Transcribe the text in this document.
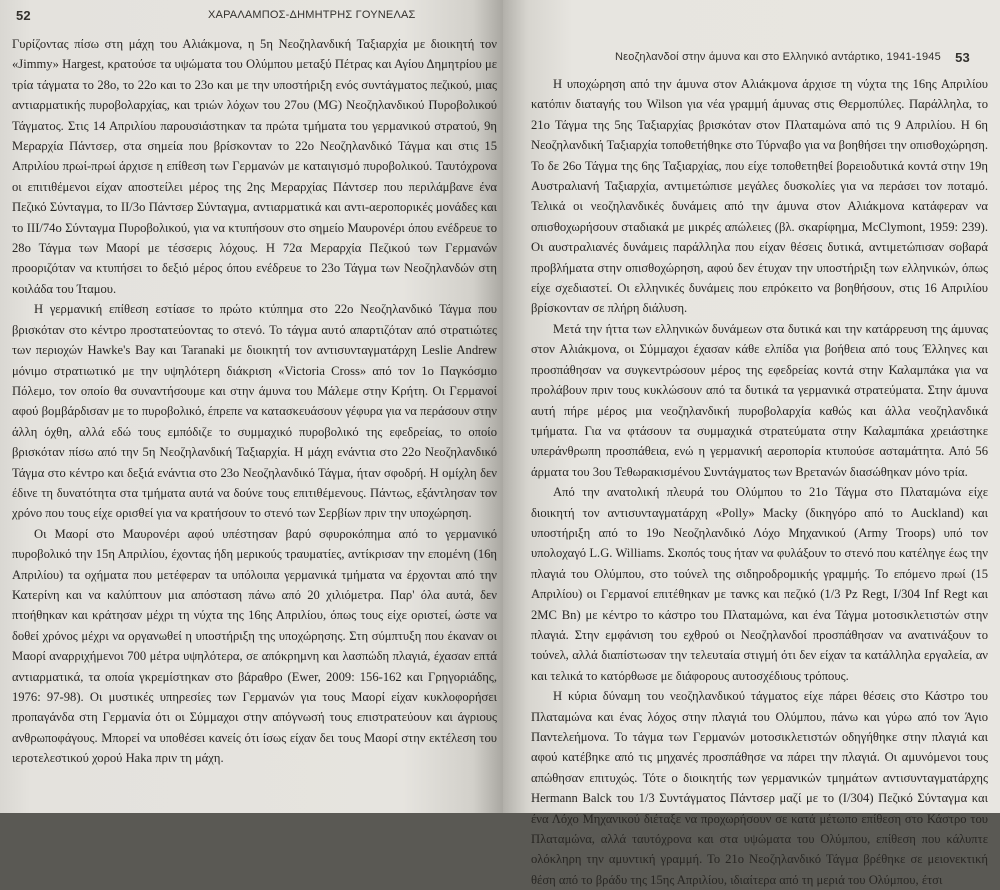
52	ΧΑΡΑΛΑΜΠΟΣ-ΔΗΜΗΤΡΗΣ ΓΟΥΝΕΛΑΣ

Γυρίζοντας πίσω στη μάχη του Αλιάκμονα, η 5η Νεοζηλανδική Ταξιαρχία με διοικητή τον «Jimmy» Hargest, κρατούσε τα υψώματα του Ολύμπου μεταξύ Πέτρας και Αγίου Δημητρίου με τρία τάγματα το 28ο, το 22ο και το 23ο και με την υποστήριξη ενός συντάγματος πεζικού, μιας αντιαρματικής πυροβολαρχίας, και τριών λόχων του 27ου (MG) Νεοζηλανδικού Πυροβολικού Τάγματος. Στις 14 Απριλίου παρουσιάστηκαν τα πρώτα τμήματα του γερμανικού στρατού, 9η Μεραρχία Πάντσερ, στα σημεία που βρίσκονταν το 22ο Νεοζηλανδικό Τάγμα και στις 15 Απριλίου πρωί-πρωί άρχισε η επίθεση των Γερμανών με καταιγισμό πυροβολικού. Ταυτόχρονα οι επιτιθέμενοι είχαν αποστείλει μέρος της 2ης Μεραρχίας Πάντσερ που περιλάμβανε ένα Πεζικό Σύνταγμα, το II/3ο Πάντσερ Σύνταγμα, αντιαρματικά και αντι-αεροπορικές μονάδες και το III/74ο Σύνταγμα Πυροβολικού, για να κτυπήσουν στο σημείο Μαυρονέρι όπου ενέδρευε το 28ο Τάγμα των Μαορί με τέσσερις λόχους. Η 72α Μεραρχία Πεζικού των Γερμανών προοριζόταν να κτυπήσει το δεξιό μέρος όπου ενέδρευε το 23ο Τάγμα των Νεοζηλανδών στη κοιλάδα του Ίταμου.

Η γερμανική επίθεση εστίασε το πρώτο κτύπημα στο 22ο Νεοζηλανδικό Τάγμα που βρισκόταν στο κέντρο προστατεύοντας το στενό. Το τάγμα αυτό απαρτιζόταν από στρατιώτες των περιοχών Hawke's Bay και Taranaki με διοικητή τον αντισυνταγματάρχη Leslie Andrew μόνιμο στρατιωτικό με την υψηλότερη διάκριση «Victoria Cross» από τον 1ο Παγκόσμιο Πόλεμο, τον οποίο θα συναντήσουμε και στην άμυνα του Μάλεμε στην Κρήτη. Οι Γερμανοί αφού βομβάρδισαν με το πυροβολικό, έπρεπε να κατασκευάσουν γέφυρα για να περάσουν στην άλλη όχθη, αλλά εδώ τους εμπόδιζε το συμμαχικό πυροβολικό της εφεδρείας, το οποίο βρισκόταν πίσω από την 5η Νεοζηλανδική Ταξιαρχία. Η μάχη ενάντια στο 22ο Νεοζηλανδικό Τάγμα στο κέντρο και δεξιά ενάντια στο 23ο Νεοζηλανδικό Τάγμα, ήταν σφοδρή. Η ομίχλη δεν έδινε τη δυνατότητα στα τμήματα αυτά να δούνε τους επιτιθέμενους. Πάντως, εξάντλησαν τον χρόνο που τους είχε ορισθεί για να κρατήσουν το στενό των Σερβίων πριν την υποχώρηση.

Οι Μαορί στο Μαυρονέρι αφού υπέστησαν βαρύ σφυροκόπημα από το γερμανικό πυροβολικό την 15η Απριλίου, έχοντας ήδη μερικούς τραυματίες, αντίκρισαν την επομένη (16η Απριλίου) τα οχήματα που μετέφεραν τα υπόλοιπα γερμανικά τμήματα να έρχονται από την Κατερίνη και να καλύπτουν μια απόσταση πάνω από 20 χιλιόμετρα. Παρ' όλα αυτά, δεν πτοήθηκαν και κράτησαν μέχρι τη νύχτα της 16ης Απριλίου, όπως τους είχε οριστεί, ώστε να δοθεί χρόνος μέχρι να οργανωθεί η υποστήριξη της υποχώρησης. Στη σύμπτυξη που έκαναν οι Μαορί αναρριχήμενοι 700 μέτρα υψηλότερα, σε απόκρημνη και λασπώδη πλαγιά, έχασαν επτά αντιαρματικά, τα οποία γκρεμίστηκαν στο βάραθρο (Ewer, 2009: 156-162 και Γρηγοριάδης, 1976: 97-98). Οι μυστικές υπηρεσίες των Γερμανών για τους Μαορί είχαν κυκλοφορήσει προπαγάνδα στη Γερμανία ότι οι Σύμμαχοι στην απόγνωσή τους επιστρατεύουν και άγριους ανθρωποφάγους. Μπορεί να υποθέσει κανείς ότι ίσως είχαν δει τους Μαορί στην εκτέλεση του ιεροτελεστικού χορού Haka πριν τη μάχη.

Νεοζηλανδοί στην άμυνα και στο Ελληνικό αντάρτικο, 1941-1945 53

Η υποχώρηση από την άμυνα στον Αλιάκμονα άρχισε τη νύχτα της 16ης Απριλίου κατόπιν διαταγής του Wilson για νέα γραμμή άμυνας στις Θερμοπύλες. Παράλληλα, το 21ο Τάγμα της 5ης Ταξιαρχίας βρισκόταν στον Πλαταμώνα από τις 9 Απριλίου. Η 6η Νεοζηλανδική Ταξιαρχία τοποθετήθηκε στο Τύρναβο για να βοηθήσει την οπισθοχώρηση. Το δε 26ο Τάγμα της 6ης Ταξιαρχίας, που είχε τοποθετηθεί βορειοδυτικά κοντά στην 19η Αυστραλιανή Ταξιαρχία, αντιμετώπισε μεγάλες δυσκολίες για να περάσει τον ποταμό. Τελικά οι νεοζηλανδικές δυνάμεις από την άμυνα στον Αλιάκμονα κατάφεραν να οπισθοχωρήσουν σταδιακά με μικρές απώλειες (βλ. σκαρίφημα, McClymont, 1959: 239). Οι αυστραλιανές δυνάμεις παράλληλα που είχαν θέσεις δυτικά, αντιμετώπισαν σοβαρά προβλήματα στην οπισθοχώρηση, αφού δεν έτυχαν την υποστήριξη των ελληνικών, όπως είχε σχεδιαστεί. Οι ελληνικές δυνάμεις που επρόκειτο να βοηθήσουν, στις 16 Απριλίου βρίσκονταν σε πλήρη διάλυση.

Μετά την ήττα των ελληνικών δυνάμεων στα δυτικά και την κατάρρευση της άμυνας στον Αλιάκμονα, οι Σύμμαχοι έχασαν κάθε ελπίδα για βοήθεια από τους Έλληνες και προσπάθησαν να συγκεντρώσουν μέρος της εφεδρείας κοντά στην Καλαμπάκα για να προλάβουν πριν τους κυκλώσουν από τα δυτικά τα γερμανικά στρατεύματα. Στην άμυνα αυτή πήρε μέρος μια νεοζηλανδική πυροβολαρχία καθώς και άλλα νεοζηλανδικά τμήματα. Για να φτάσουν τα συμμαχικά στρατεύματα στην Καλαμπάκα χρειάστηκε υπεράνθρωπη προσπάθεια, ενώ η γερμανική αεροπορία κτυπούσε ασταμάτητα. Από 56 άρματα του 3ου Τεθωρακισμένου Συντάγματος των Βρετανών διασώθηκαν μόνο τρία.

Από την ανατολική πλευρά του Ολύμπου το 21ο Τάγμα στο Πλαταμώνα είχε διοικητή τον αντισυνταγματάρχη «Polly» Macky (δικηγόρο από το Auckland) και υποστήριξη από το 19ο Νεοζηλανδικό Λόχο Μηχανικού (Army Troops) υπό τον υπολοχαγό L.G. Williams. Σκοπός τους ήταν να φυλάξουν το στενό που κατέληγε έως την πλαγιά του Ολύμπου, στο τούνελ της σιδηροδρομικής γραμμής. Το επόμενο πρωί (15 Απριλίου) οι Γερμανοί επιτέθηκαν με τανκς και πεζικό (1/3 Pz Regt, I/304 Inf Regt και 2MC Bn) με κέντρο το κάστρο του Πλαταμώνα, και ένα Τάγμα μοτοσικλετιστών στην πλαγιά. Στην εμφάνιση του εχθρού οι Νεοζηλανδοί προσπάθησαν να ανατινάξουν το τούνελ, αλλά διαπίστωσαν την τελευταία στιγμή ότι δεν είχαν τα κατάλληλα εργαλεία, αν και τελικά το κατόρθωσε με διάφορους αυτοσχέδιους τρόπους.

Η κύρια δύναμη του νεοζηλανδικού τάγματος είχε πάρει θέσεις στο Κάστρο του Πλαταμώνα και ένας λόχος στην πλαγιά του Ολύμπου, πάνω και γύρω από τον Άγιο Παντελεήμονα. Το τάγμα των Γερμανών μοτοσικλετιστών οδηγήθηκε στην πλαγιά και αφού κατέβηκε από τις μηχανές προσπάθησε να πάρει την πλαγιά. Οι αμυνόμενοι τους απώθησαν επιτυχώς. Τότε ο διοικητής των γερμανικών τμημάτων αντισυνταγματάρχης Hermann Balck του 1/3 Συντάγματος Πάντσερ μαζί με το (I/304) Πεζικό Σύνταγμα και ένα Λόχο Μηχανικού διέταξε να προχωρήσουν σε κατά μέτωπο επίθεση στο Κάστρο του Πλαταμώνα, αλλά ταυτόχρονα και στα υψώματα του Ολύμπου, επίθεση που κάλυπτε ολόκληρη την αμυντική γραμμή. Το 21ο Νεοζηλανδικό Τάγμα βρέθηκε σε μειονεκτική θέση από το βράδυ της 15ης Απριλίου, ιδιαίτερα από τη μεριά του Ολύμπου, έτσι
